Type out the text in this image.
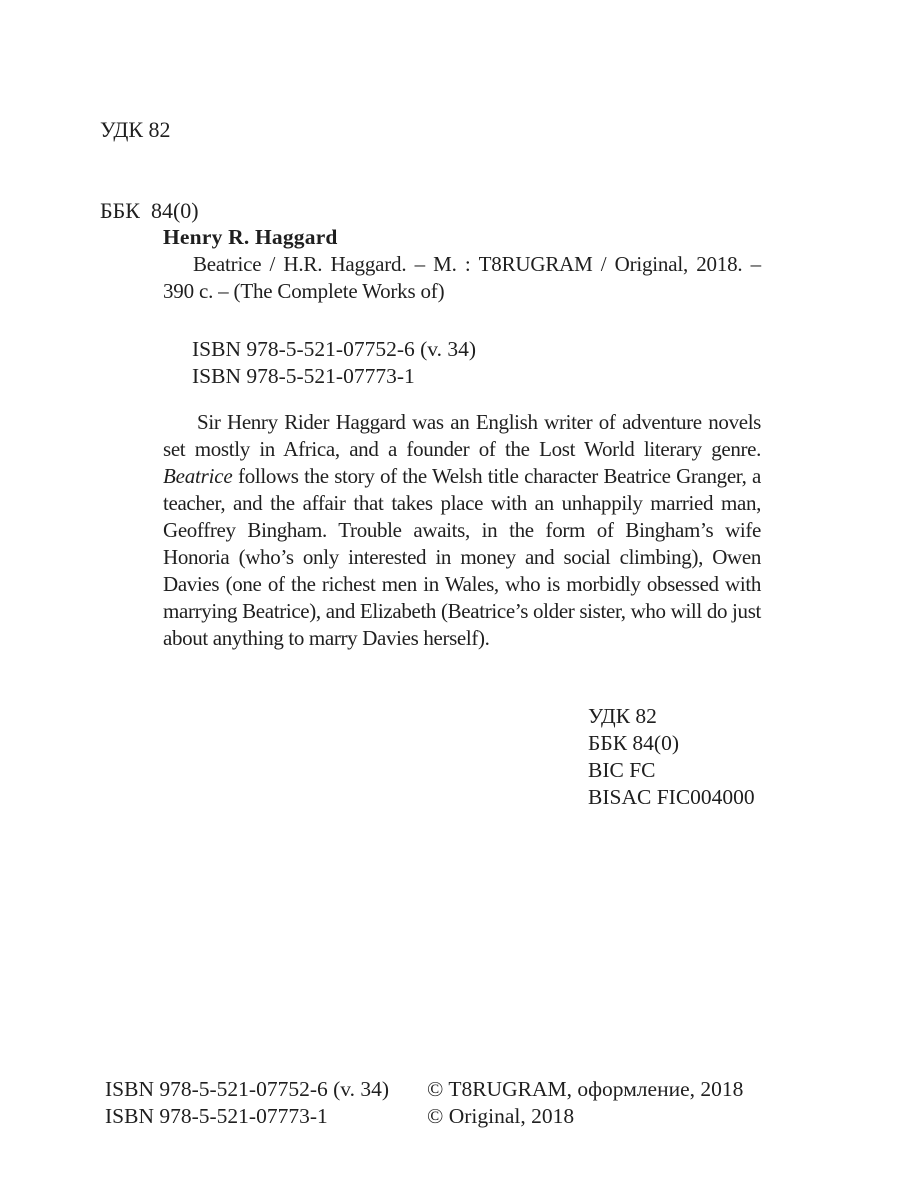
УДК 82

ББК  84(0)

Henry R. Haggard

Beatrice / H.R. Haggard. – М. : T8RUGRAM / Original, 2018. – 390 с. – (The Complete Works of)

ISBN 978-5-521-07752-6 (v. 34)
ISBN 978-5-521-07773-1

Sir Henry Rider Haggard was an English writer of adventure novels set mostly in Africa, and a founder of the Lost World literary genre. Beatrice follows the story of the Welsh title character Beatrice Granger, a teacher, and the affair that takes place with an unhappily married man, Geoffrey Bingham. Trouble awaits, in the form of Bingham’s wife Honoria (who’s only interested in money and social climbing), Owen Davies (one of the richest men in Wales, who is morbidly obsessed with marrying Beatrice), and Elizabeth (Beatrice’s older sister, who will do just about anything to marry Davies herself).

УДК 82
ББК 84(0)
BIC FC
BISAC FIC004000
ISBN 978-5-521-07752-6 (v. 34)
ISBN 978-5-521-07773-1
© T8RUGRAM, оформление, 2018
© Original, 2018
